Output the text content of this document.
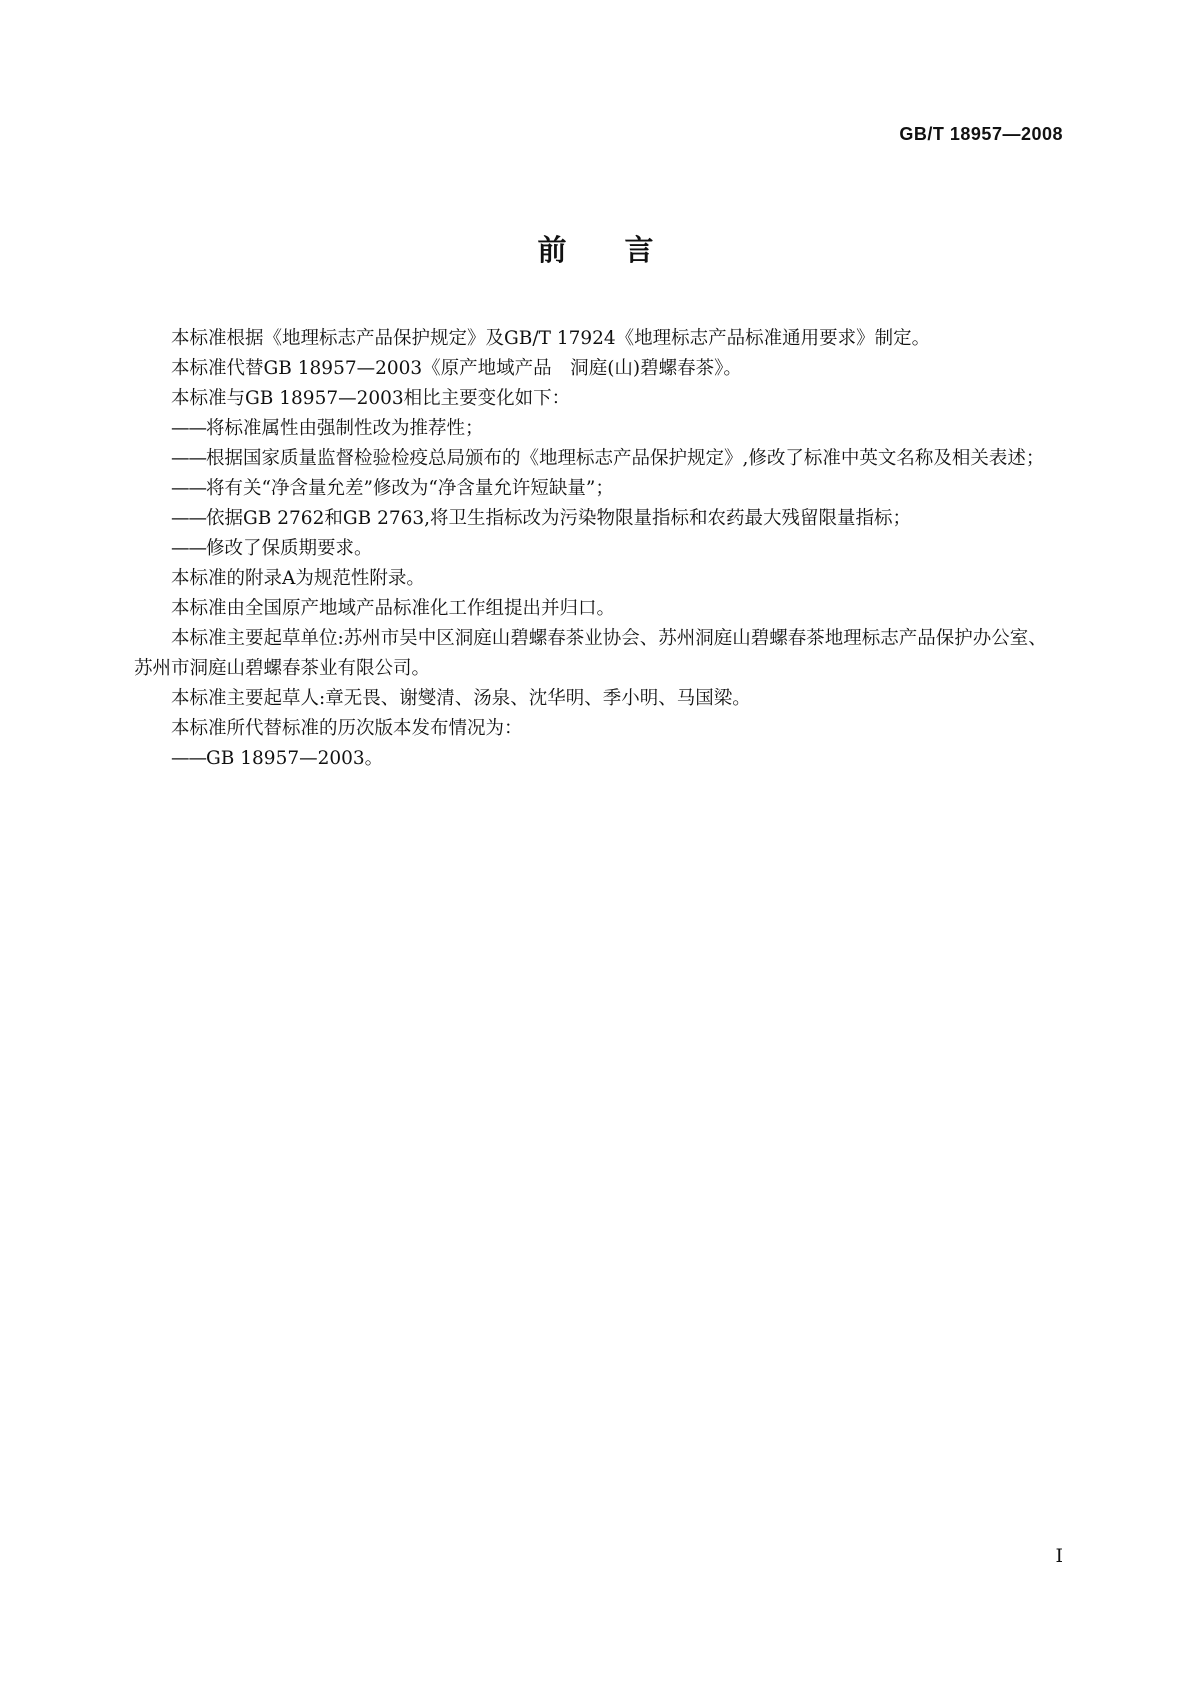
GB/T 18957—2008
前言

本标准根据《地理标志产品保护规定》及GB/T 17924《地理标志产品标准通用要求》制定。

本标准代替GB 18957—2003《原产地域产品　洞庭(山)碧螺春茶》。

本标准与GB 18957—2003相比主要变化如下：

——将标准属性由强制性改为推荐性；

——根据国家质量监督检验检疫总局颁布的《地理标志产品保护规定》,修改了标准中英文名称及相关表述；

——将有关“净含量允差”修改为“净含量允许短缺量”；

——依据GB 2762和GB 2763,将卫生指标改为污染物限量指标和农药最大残留限量指标；

——修改了保质期要求。

本标准的附录A为规范性附录。

本标准由全国原产地域产品标准化工作组提出并归口。

本标准主要起草单位:苏州市吴中区洞庭山碧螺春茶业协会、苏州洞庭山碧螺春茶地理标志产品保护办公室、苏州市洞庭山碧螺春茶业有限公司。

本标准主要起草人:章无畏、谢燮清、汤泉、沈华明、季小明、马国梁。

本标准所代替标准的历次版本发布情况为：

——GB 18957—2003。

I
